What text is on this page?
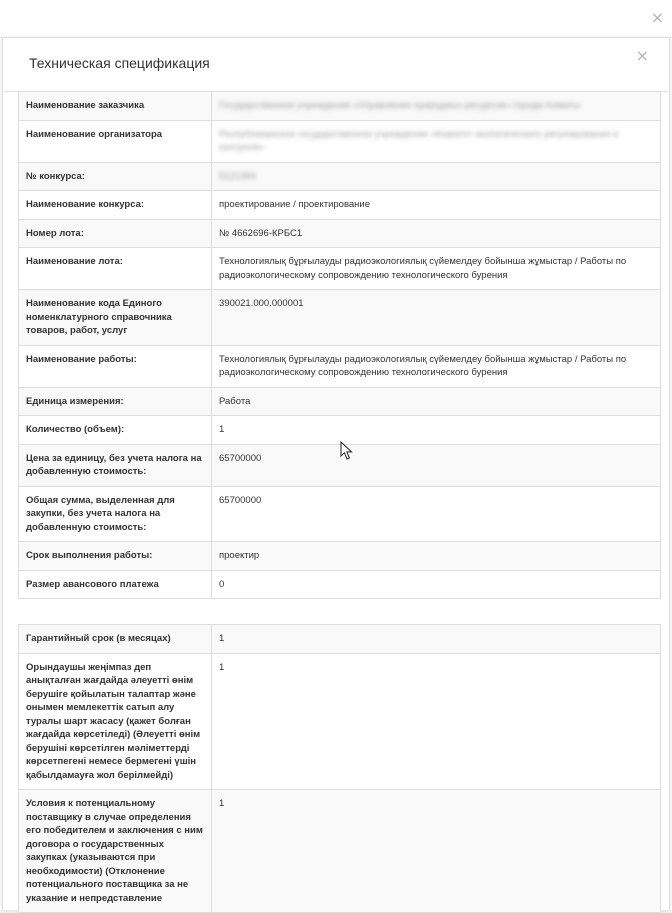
×
Техническая спецификация	×
Наименование заказчика	Государственное учреждение «Управление природных ресурсов» города Алматы
Наименование организатора	Республиканское государственное учреждение «Комитет экологического регулирования и контроля»
№ конкурса:	5121384
Наименование конкурса:	проектирование / проектирование
Номер лота:	№ 4662696-КРБС1
Наименование лота:	Технологиялық бұрғылауды радиоэкологиялық сүйемелдеу бойынша жұмыстар / Работы по радиоэкологическому сопровождению технологического бурения
Наименование кода Единого номенклатурного справочника товаров, работ, услуг	390021.000.000001
Наименование работы:	Технологиялық бұрғылауды радиоэкологиялық сүйемелдеу бойынша жұмыстар / Работы по радиоэкологическому сопровождению технологического бурения
Единица измерения:	Работа
Количество (объем):	1
Цена за единицу, без учета налога на добавленную стоимость:	65700000
Общая сумма, выделенная для закупки, без учета налога на добавленную стоимость:	65700000
Срок выполнения работы:	проектир
Размер авансового платежа	0
Гарантийный срок (в месяцах)	1
Орындаушы жеңімпаз деп анықталған жағдайда әлеуетті өнім берушіге қойылатын талаптар және онымен мемлекеттік сатып алу туралы шарт жасасу (қажет болған жағдайда көрсетіледі) (Әлеуетті өнім берушіні көрсетілген мәліметтерді көрсетпегені немесе бермегені үшін қабылдамауға жол берілмейді)	1
Условия к потенциальному поставщику в случае определения его победителем и заключения с ним договора о государственных закупках (указываются при необходимости) (Отклонение потенциального поставщика за не указание и непредставление	1
